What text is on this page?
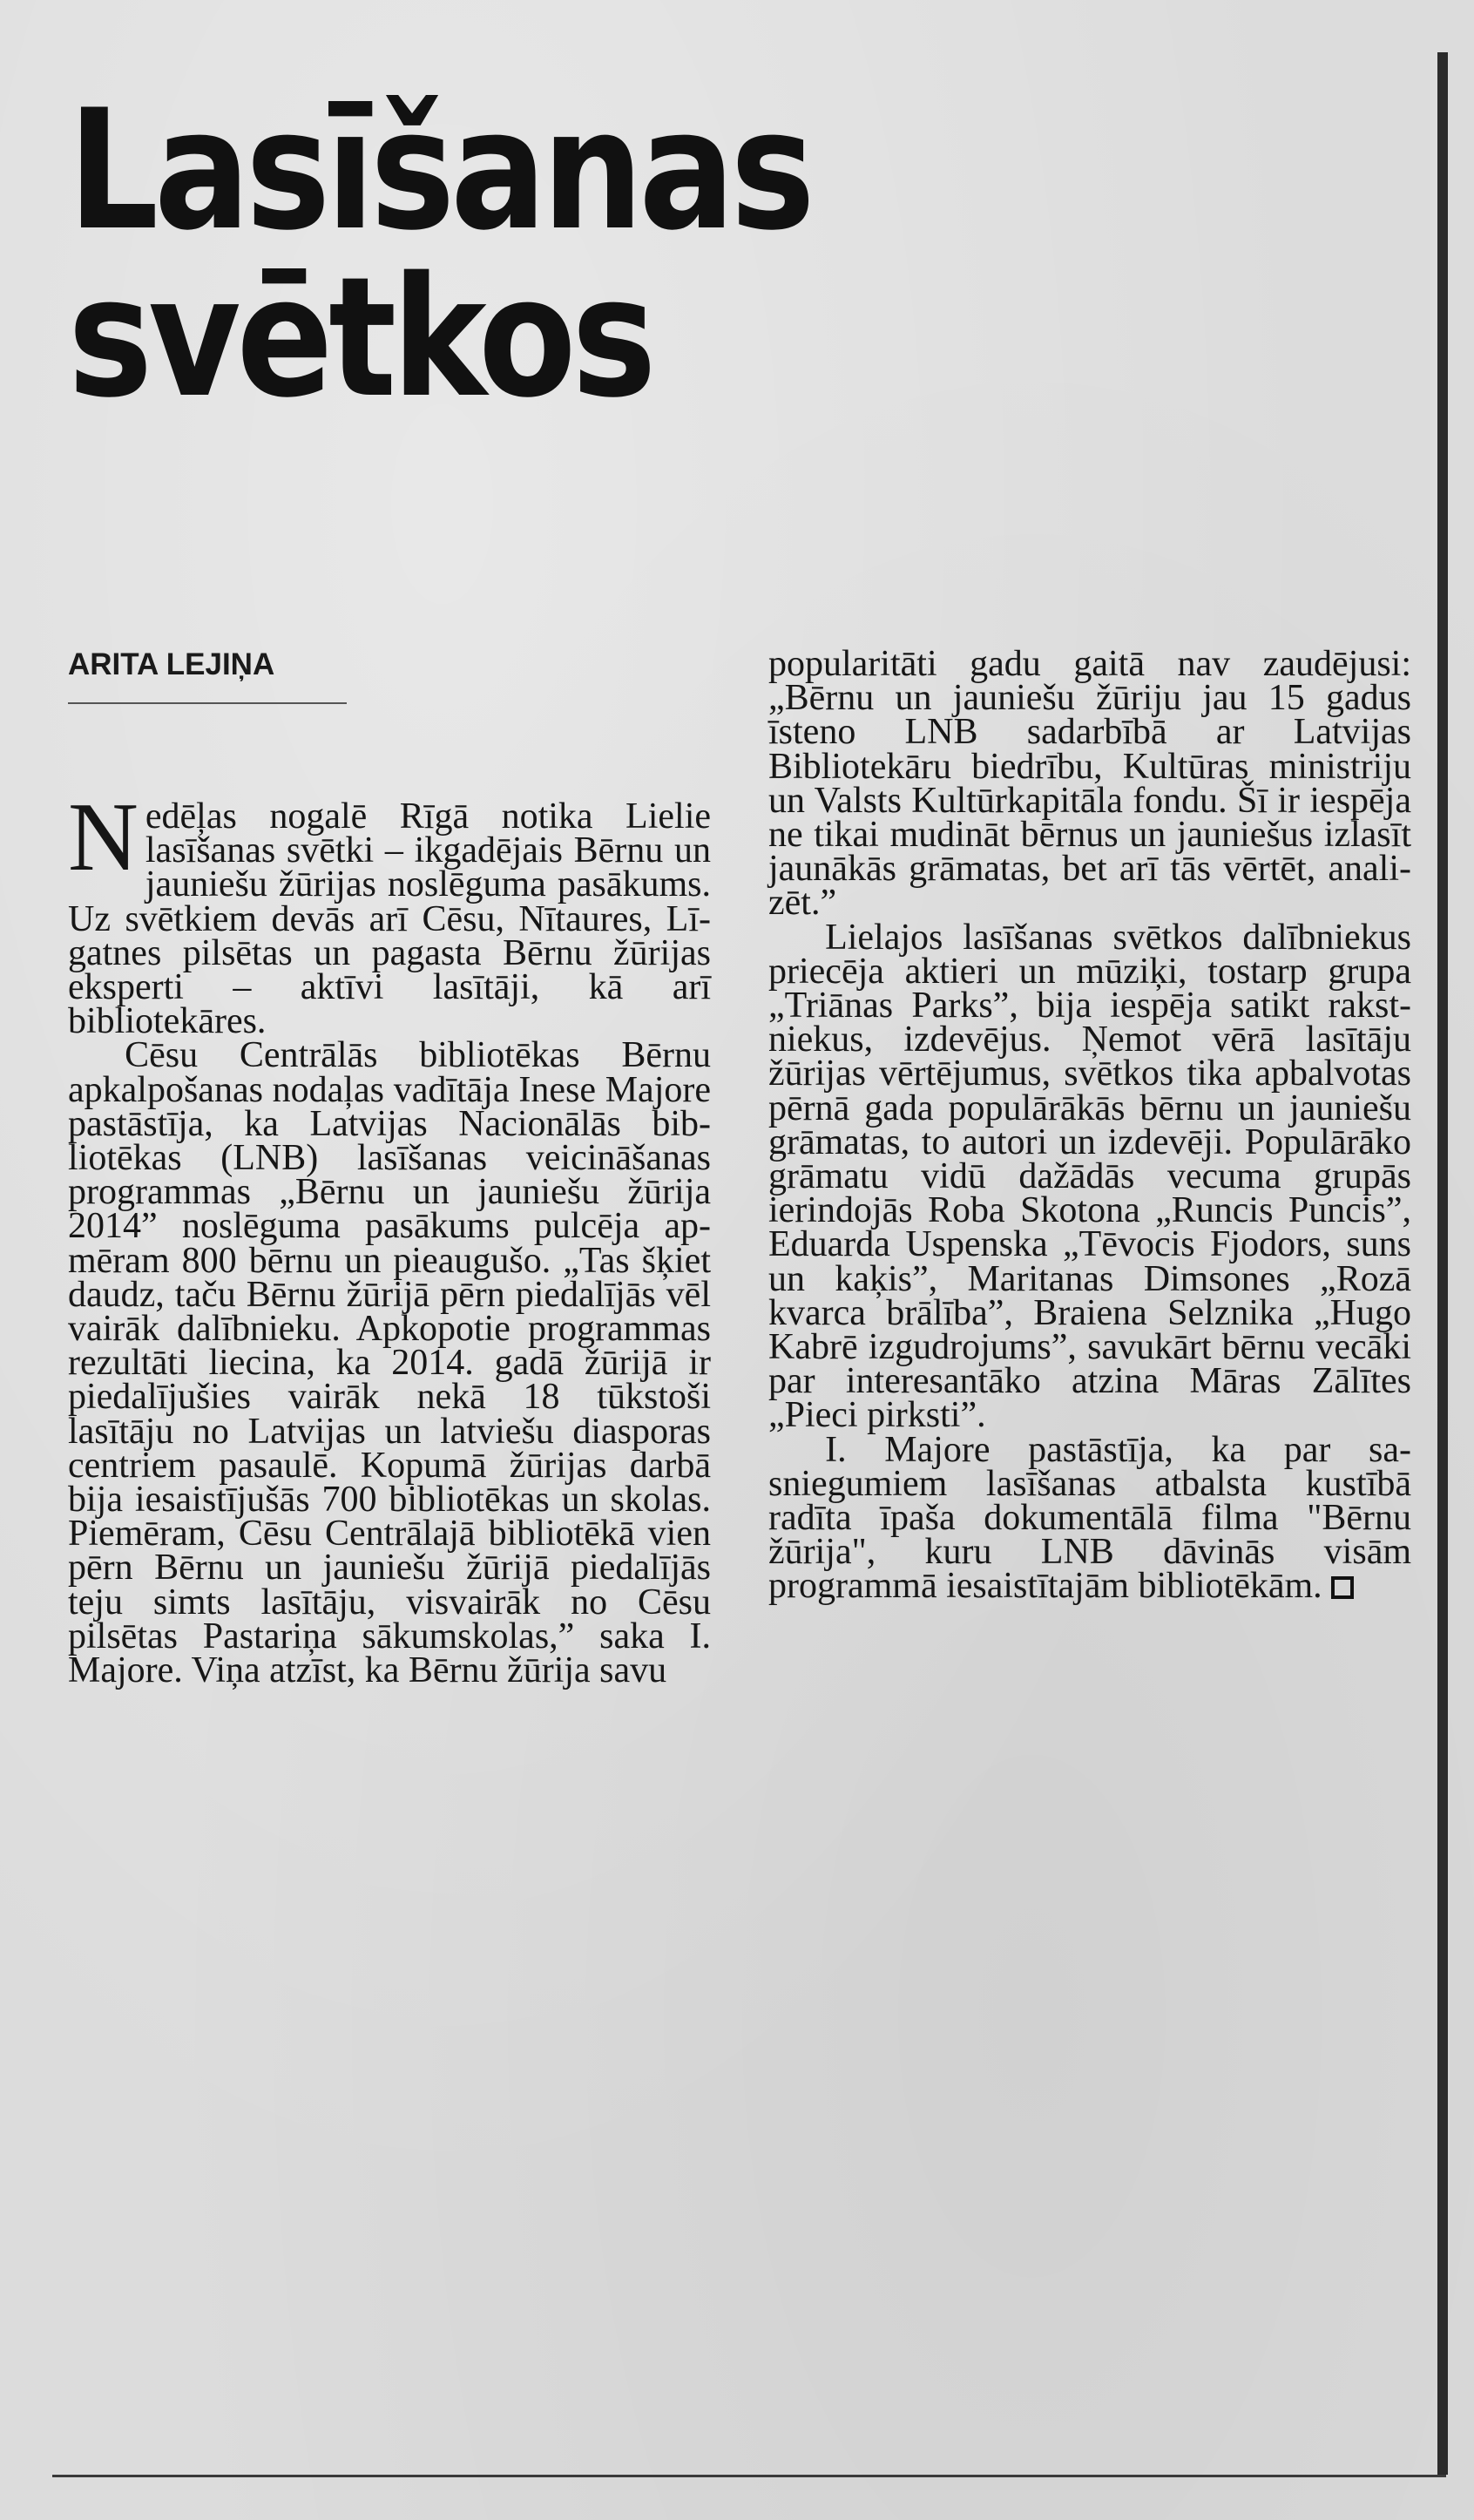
Lasīšanas svētkos
ARITA LEJIŅA

Nedēļas nogalē Rīgā notika Lielie lasīšanas svētki – ikgadējais Bērnu un jauniešu žūrijas noslēguma pasākums. Uz svētkiem devās arī Cēsu, Nītaures, Līgatnes pilsētas un pagasta Bērnu žūrijas eksperti – aktīvi lasītāji, kā arī bibliotekāres.

Cēsu Centrālās bibliotēkas Bērnu apkalpošanas nodaļas vadītāja Inese Majore pastāstīja, ka Latvijas Nacionālās bibliotēkas (LNB) lasīšanas veicināšanas programmas „Bērnu un jauniešu žūrija 2014” noslēguma pasākums pulcēja apmēram 800 bērnu un pieaugušo. „Tas šķiet daudz, taču Bērnu žūrijā pērn piedalījās vēl vairāk dalībnieku. Apkopotie programmas rezultāti liecina, ka 2014. gadā žūrijā ir piedalījušies vairāk nekā 18 tūkstoši lasītāju no Latvijas un latviešu diasporas centriem pasaulē. Kopumā žūrijas darbā bija iesaistījušās 700 bibliotēkas un skolas. Piemēram, Cēsu Centrālajā bibliotēkā vien pērn Bērnu un jauniešu žūrijā piedalījās teju simts lasītāju, visvairāk no Cēsu pilsētas Pastariņa sākumskolas,” saka I. Majore. Viņa atzīst, ka Bērnu žūrija savu

popularitāti gadu gaitā nav zaudējusi: „Bērnu un jauniešu žūriju jau 15 gadus īsteno LNB sadarbībā ar Latvijas Bibliotekāru biedrību, Kultūras ministriju un Valsts Kultūrkapitāla fondu. Šī ir iespēja ne tikai mudināt bērnus un jauniešus izlasīt jaunākās grāmatas, bet arī tās vērtēt, analizēt.”

Lielajos lasīšanas svētkos dalībniekus priecēja aktieri un mūziķi, tostarp grupa „Triānas Parks”, bija iespēja satikt rakstniekus, izdevējus. Ņemot vērā lasītāju žūrijas vērtējumus, svētkos tika apbalvotas pērnā gada populārākās bērnu un jauniešu grāmatas, to autori un izdevēji. Populārāko grāmatu vidū dažādās vecuma grupās ierindojās Roba Skotona „Runcis Puncis”, Eduarda Uspenska „Tēvocis Fjodors, suns un kaķis”, Maritanas Dimsones „Rozā kvarca brālība”, Braiena Selznika „Hugo Kabrē izgudrojums”, savukārt bērnu vecāki par interesantāko atzina Māras Zālītes „Pieci pirksti”.

I. Majore pastāstīja, ka par sasniegumiem lasīšanas atbalsta kustībā radīta īpaša dokumentālā filma "Bērnu žūrija", kuru LNB dāvinās visām programmā iesaistītajām bibliotēkām.
